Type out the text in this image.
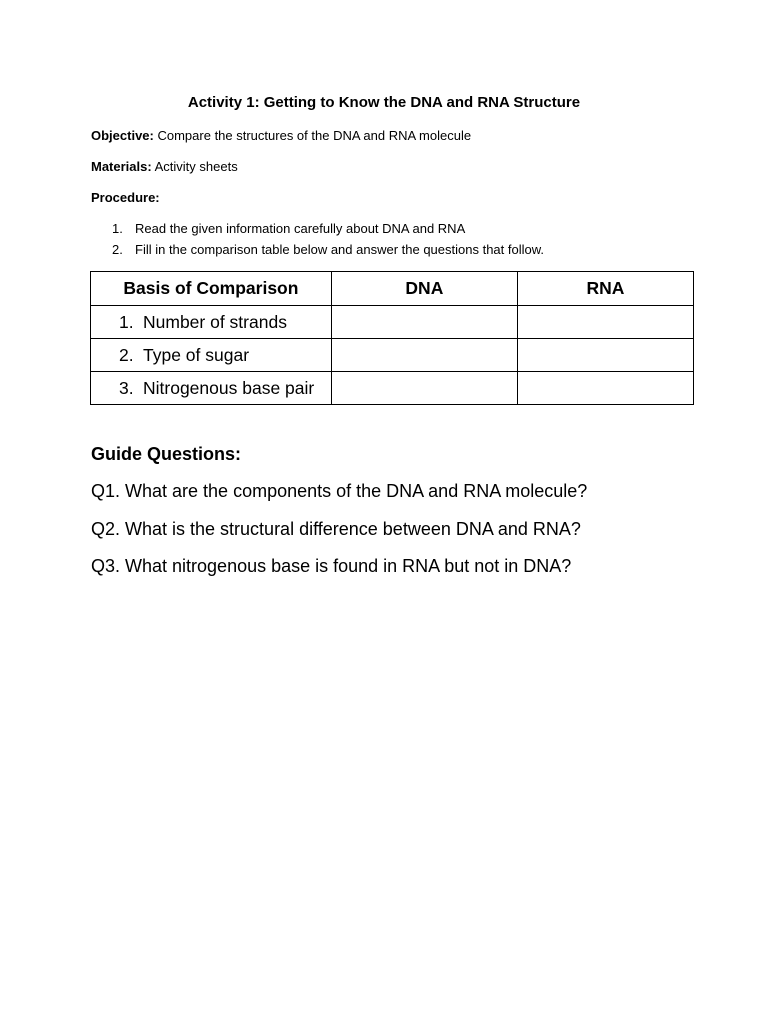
Activity 1: Getting to Know the DNA and RNA Structure
Objective: Compare the structures of the DNA and RNA molecule
Materials: Activity sheets
Procedure:
1. Read the given information carefully about DNA and RNA
2. Fill in the comparison table below and answer the questions that follow.
Basis of Comparison	DNA	RNA
1. Number of strands		
2. Type of sugar		
3. Nitrogenous base pair		
Guide Questions:
Q1. What are the components of the DNA and RNA molecule?
Q2. What is the structural difference between DNA and RNA?
Q3. What nitrogenous base is found in RNA but not in DNA?
